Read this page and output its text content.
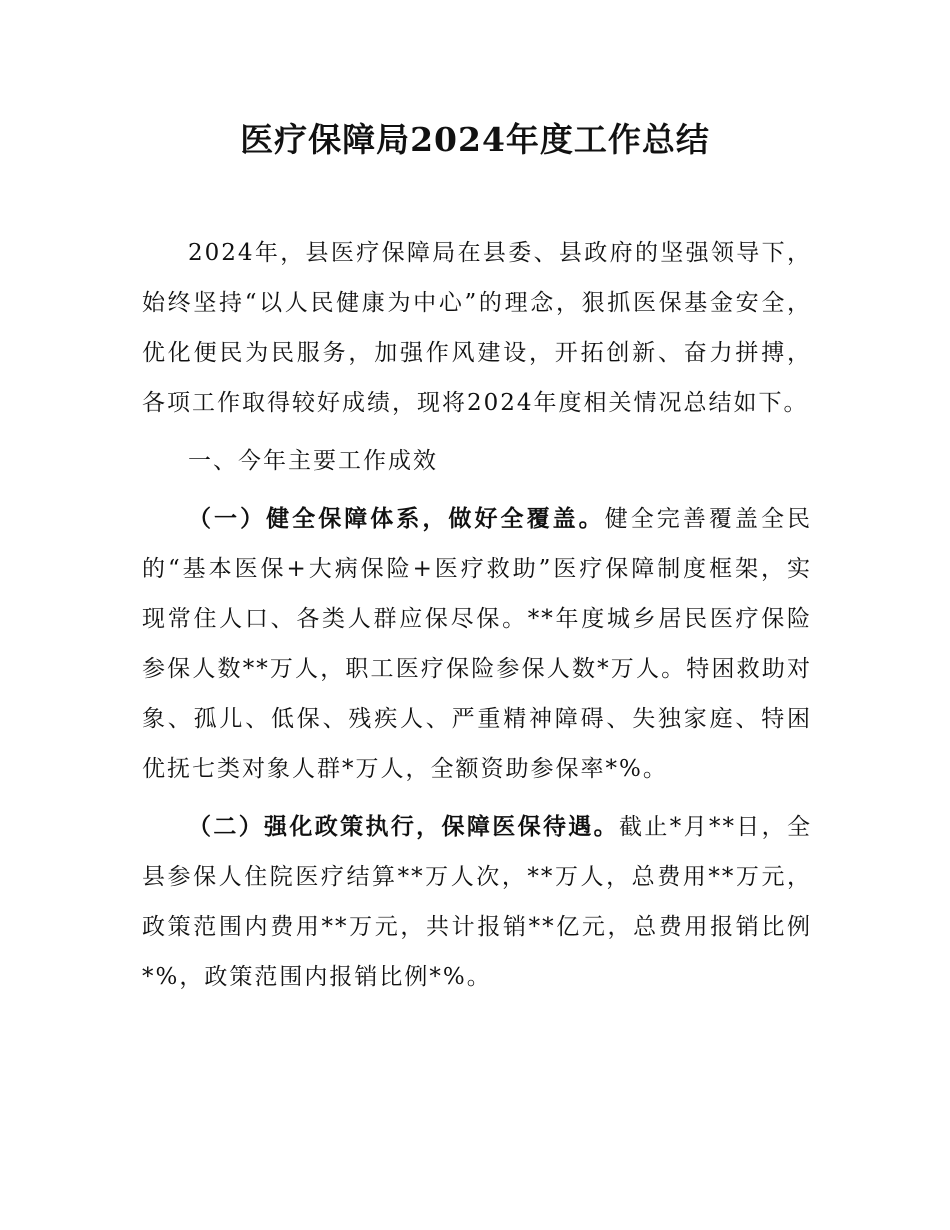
医疗保障局2024年度工作总结

2024年，县医疗保障局在县委、县政府的坚强领导下，始终坚持“以人民健康为中心”的理念，狠抓医保基金安全，优化便民为民服务，加强作风建设，开拓创新、奋力拼搏，各项工作取得较好成绩，现将2024年度相关情况总结如下。

一、今年主要工作成效

（一）健全保障体系，做好全覆盖。健全完善覆盖全民的“基本医保+大病保险+医疗救助”医疗保障制度框架，实现常住人口、各类人群应保尽保。**年度城乡居民医疗保险参保人数**万人，职工医疗保险参保人数*万人。特困救助对象、孤儿、低保、残疾人、严重精神障碍、失独家庭、特困优抚七类对象人群*万人，全额资助参保率*%。

（二）强化政策执行，保障医保待遇。截止*月**日，全县参保人住院医疗结算**万人次，**万人，总费用**万元，政策范围内费用**万元，共计报销**亿元，总费用报销比例*%，政策范围内报销比例*%。
